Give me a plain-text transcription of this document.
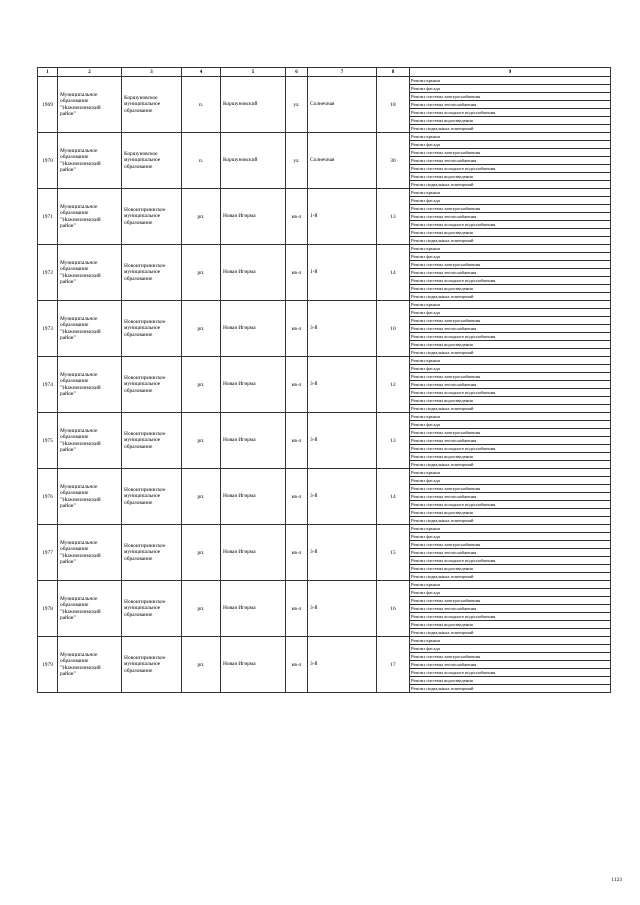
1	2	3	4	5	6	7	8	9
1969	Муниципальное
образование
"Нижнеилимский
район"	Коршуновское
муниципальное
образование	п.	Коршуновский	ул.	Солнечная	18	Ремонт крыши
								Ремонт фасада
								Ремонт системы электроснабжения
								Ремонт системы теплоснабжения
								Ремонт системы холодного водоснабжения
								Ремонт системы водоотведения
								Ремонт подвальных помещений
1970	Муниципальное
образование
"Нижнеилимский
район"	Коршуновское
муниципальное
образование	п.	Коршуновский	ул.	Солнечная	30	Ремонт крыши
								Ремонт фасада
								Ремонт системы электроснабжения
								Ремонт системы теплоснабжения
								Ремонт системы холодного водоснабжения
								Ремонт системы водоотведения
								Ремонт подвальных помещений
1971	Муниципальное
образование
"Нижнеилимский
район"	Новоигирминское
муниципальное
образование	рп.	Новая Игирма	кв-л	1-й	13	Ремонт крыши
								Ремонт фасада
								Ремонт системы электроснабжения
								Ремонт системы теплоснабжения
								Ремонт системы холодного водоснабжения
								Ремонт системы водоотведения
								Ремонт подвальных помещений
1972	Муниципальное
образование
"Нижнеилимский
район"	Новоигирминское
муниципальное
образование	рп.	Новая Игирма	кв-л	1-й	14	Ремонт крыши
								Ремонт фасада
								Ремонт системы электроснабжения
								Ремонт системы теплоснабжения
								Ремонт системы холодного водоснабжения
								Ремонт системы водоотведения
								Ремонт подвальных помещений
1973	Муниципальное
образование
"Нижнеилимский
район"	Новоигирминское
муниципальное
образование	рп.	Новая Игирма	кв-л	3-й	10	Ремонт крыши
								Ремонт фасада
								Ремонт системы электроснабжения
								Ремонт системы теплоснабжения
								Ремонт системы холодного водоснабжения
								Ремонт системы водоотведения
								Ремонт подвальных помещений
1974	Муниципальное
образование
"Нижнеилимский
район"	Новоигирминское
муниципальное
образование	рп.	Новая Игирма	кв-л	3-й	12	Ремонт крыши
								Ремонт фасада
								Ремонт системы электроснабжения
								Ремонт системы теплоснабжения
								Ремонт системы холодного водоснабжения
								Ремонт системы водоотведения
								Ремонт подвальных помещений
1975	Муниципальное
образование
"Нижнеилимский
район"	Новоигирминское
муниципальное
образование	рп.	Новая Игирма	кв-л	3-й	13	Ремонт крыши
								Ремонт фасада
								Ремонт системы электроснабжения
								Ремонт системы теплоснабжения
								Ремонт системы холодного водоснабжения
								Ремонт системы водоотведения
								Ремонт подвальных помещений
1976	Муниципальное
образование
"Нижнеилимский
район"	Новоигирминское
муниципальное
образование	рп.	Новая Игирма	кв-л	3-й	14	Ремонт крыши
								Ремонт фасада
								Ремонт системы электроснабжения
								Ремонт системы теплоснабжения
								Ремонт системы холодного водоснабжения
								Ремонт системы водоотведения
								Ремонт подвальных помещений
1977	Муниципальное
образование
"Нижнеилимский
район"	Новоигирминское
муниципальное
образование	рп.	Новая Игирма	кв-л	3-й	15	Ремонт крыши
								Ремонт фасада
								Ремонт системы электроснабжения
								Ремонт системы теплоснабжения
								Ремонт системы холодного водоснабжения
								Ремонт системы водоотведения
								Ремонт подвальных помещений
1978	Муниципальное
образование
"Нижнеилимский
район"	Новоигирминское
муниципальное
образование	рп.	Новая Игирма	кв-л	3-й	16	Ремонт крыши
								Ремонт фасада
								Ремонт системы электроснабжения
								Ремонт системы теплоснабжения
								Ремонт системы холодного водоснабжения
								Ремонт системы водоотведения
								Ремонт подвальных помещений
1979	Муниципальное
образование
"Нижнеилимский
район"	Новоигирминское
муниципальное
образование	рп.	Новая Игирма	кв-л	3-й	17	Ремонт крыши
								Ремонт фасада
								Ремонт системы электроснабжения
								Ремонт системы теплоснабжения
								Ремонт системы холодного водоснабжения
								Ремонт системы водоотведения
								Ремонт подвальных помещений
1123
